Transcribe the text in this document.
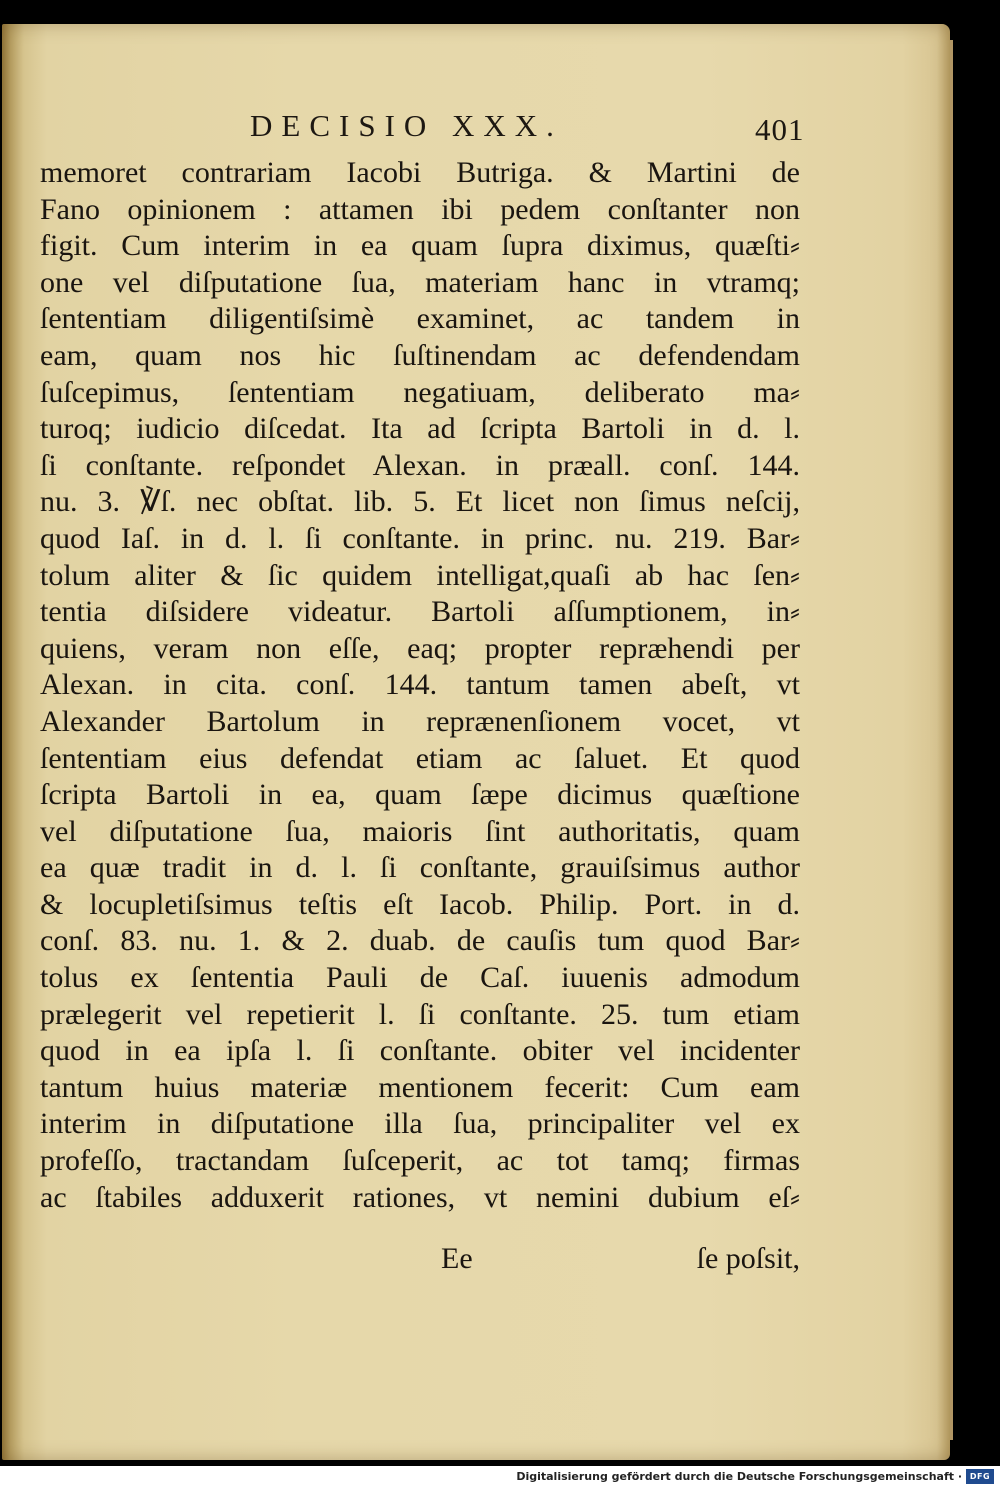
DECISIO XXX.	401
memoret contrariam Iacobi Butriga. & Martini de
Fano opinionem : attamen ibi pedem conſtanter non
figit. Cum interim in ea quam ſupra diximus, quæſti⸗
one vel diſputatione ſua, materiam hanc in vtramq;
ſententiam diligentiſsimè examinet, ac tandem in
eam, quam nos hic ſuſtinendam ac defendendam
ſuſcepimus, ſententiam negatiuam, deliberato ma⸗
turoq; iudicio diſcedat. Ita ad ſcripta Bartoli in d. l.
ſi conſtante. reſpondet Alexan. in præall. conſ. 144.
nu. 3. ℣ſ. nec obſtat. lib. 5. Et licet non ſimus neſcij,
quod Iaſ. in d. l. ſi conſtante. in princ. nu. 219. Bar⸗
tolum aliter & ſic quidem intelligat,quaſi ab hac ſen⸗
tentia diſsidere videatur. Bartoli aſſumptionem, in⸗
quiens, veram non eſſe, eaq; propter repræhendi per
Alexan. in cita. conſ. 144. tantum tamen abeſt, vt
Alexander Bartolum in reprænenſionem vocet, vt
ſententiam eius defendat etiam ac ſaluet. Et quod
ſcripta Bartoli in ea, quam ſæpe dicimus quæſtione
vel diſputatione ſua, maioris ſint authoritatis, quam
ea quæ tradit in d. l. ſi conſtante, grauiſsimus author
& locupletiſsimus teſtis eſt Iacob. Philip. Port. in d.
conſ. 83. nu. 1. & 2. duab. de cauſis tum quod Bar⸗
tolus ex ſententia Pauli de Caſ. iuuenis admodum
prælegerit vel repetierit l. ſi conſtante. 25. tum etiam
quod in ea ipſa l. ſi conſtante. obiter vel incidenter
tantum huius materiæ mentionem fecerit: Cum eam
interim in diſputatione illa ſua, principaliter vel ex
profeſſo, tractandam ſuſceperit, ac tot tamq; firmas
ac ſtabiles adduxerit rationes, vt nemini dubium eſ⸗
Ee	ſe poſsit,
Digitalisierung gefördert durch die Deutsche Forschungsgemeinschaft · DFG
